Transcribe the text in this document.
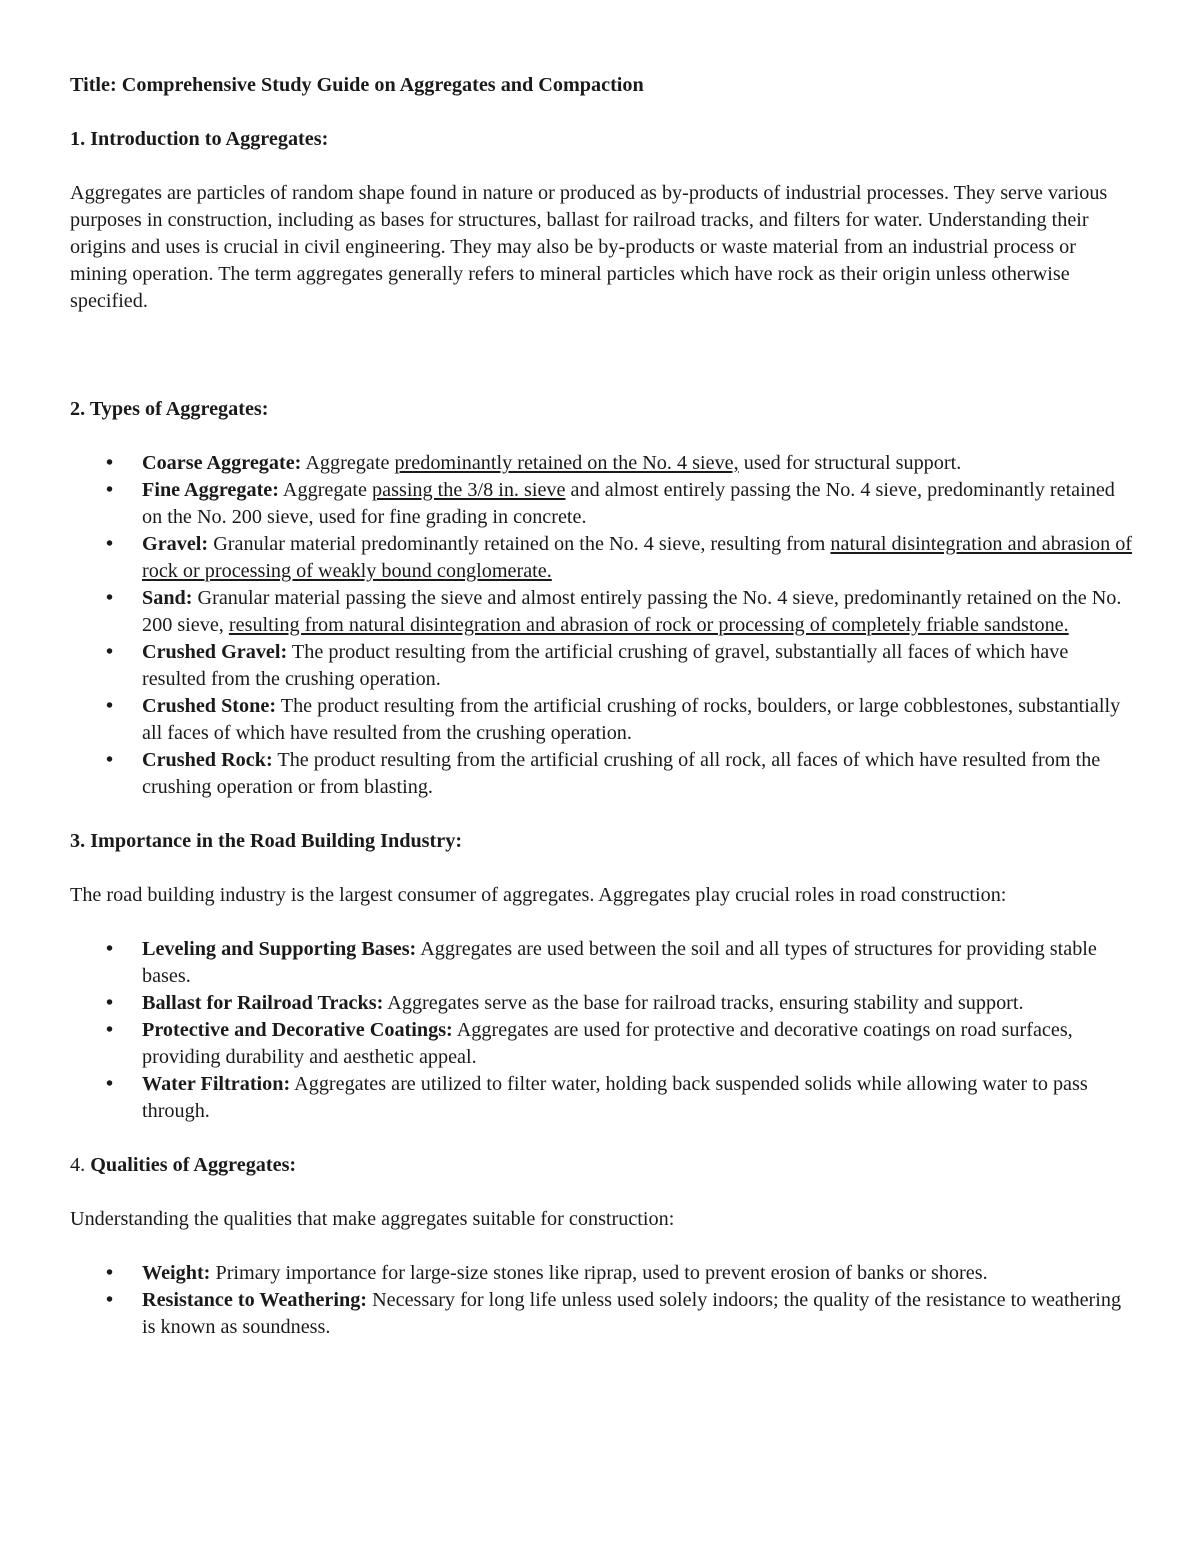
Title: Comprehensive Study Guide on Aggregates and Compaction

1. Introduction to Aggregates:

Aggregates are particles of random shape found in nature or produced as by-products of industrial processes. They serve various purposes in construction, including as bases for structures, ballast for railroad tracks, and filters for water. Understanding their origins and uses is crucial in civil engineering. They may also be by-products or waste material from an industrial process or mining operation. The term aggregates generally refers to mineral particles which have rock as their origin unless otherwise specified.

2. Types of Aggregates:
•	Coarse Aggregate: Aggregate predominantly retained on the No. 4 sieve, used for structural support.
•	Fine Aggregate: Aggregate passing the 3/8 in. sieve and almost entirely passing the No. 4 sieve, predominantly retained on the No. 200 sieve, used for fine grading in concrete.
•	Gravel: Granular material predominantly retained on the No. 4 sieve, resulting from natural disintegration and abrasion of rock or processing of weakly bound conglomerate.
•	Sand: Granular material passing the sieve and almost entirely passing the No. 4 sieve, predominantly retained on the No. 200 sieve, resulting from natural disintegration and abrasion of rock or processing of completely friable sandstone.
•	Crushed Gravel: The product resulting from the artificial crushing of gravel, substantially all faces of which have resulted from the crushing operation.
•	Crushed Stone: The product resulting from the artificial crushing of rocks, boulders, or large cobblestones, substantially all faces of which have resulted from the crushing operation.
•	Crushed Rock: The product resulting from the artificial crushing of all rock, all faces of which have resulted from the crushing operation or from blasting.
3. Importance in the Road Building Industry:

The road building industry is the largest consumer of aggregates. Aggregates play crucial roles in road construction:

•	Leveling and Supporting Bases: Aggregates are used between the soil and all types of structures for providing stable bases.
•	Ballast for Railroad Tracks: Aggregates serve as the base for railroad tracks, ensuring stability and support.
•	Protective and Decorative Coatings: Aggregates are used for protective and decorative coatings on road surfaces, providing durability and aesthetic appeal.
•	Water Filtration: Aggregates are utilized to filter water, holding back suspended solids while allowing water to pass through.
4. Qualities of Aggregates:

Understanding the qualities that make aggregates suitable for construction:

•	Weight: Primary importance for large-size stones like riprap, used to prevent erosion of banks or shores.
•	Resistance to Weathering: Necessary for long life unless used solely indoors; the quality of the resistance to weathering is known as soundness.
